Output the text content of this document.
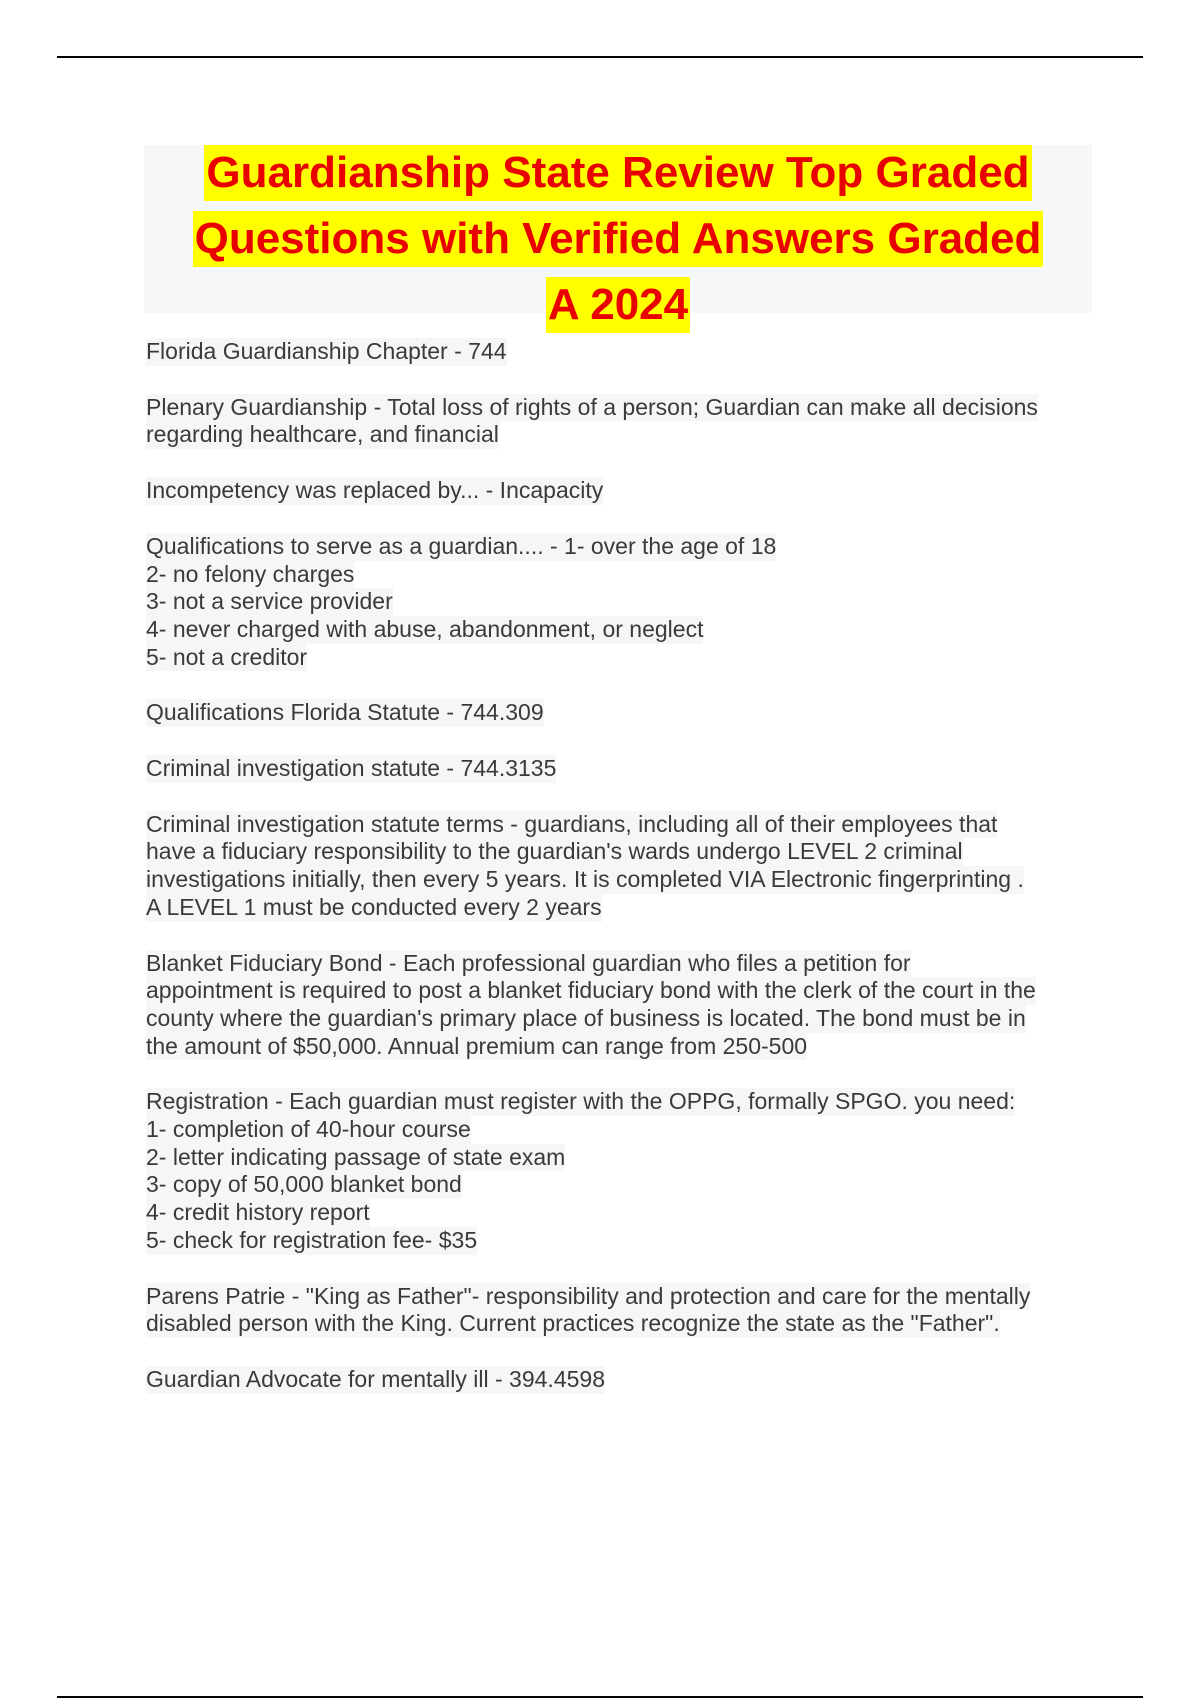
Guardianship State Review Top Graded
Questions with Verified Answers Graded
A 2024
Florida Guardianship Chapter - 744
Plenary Guardianship - Total loss of rights of a person; Guardian can make all decisions
regarding healthcare, and financial
Incompetency was replaced by... - Incapacity
Qualifications to serve as a guardian.... - 1- over the age of 18
2- no felony charges
3- not a service provider
4- never charged with abuse, abandonment, or neglect
5- not a creditor
Qualifications Florida Statute - 744.309
Criminal investigation statute - 744.3135
Criminal investigation statute terms - guardians, including all of their employees that
have a fiduciary responsibility to the guardian's wards undergo LEVEL 2 criminal
investigations initially, then every 5 years. It is completed VIA Electronic fingerprinting .
A LEVEL 1 must be conducted every 2 years
Blanket Fiduciary Bond - Each professional guardian who files a petition for
appointment is required to post a blanket fiduciary bond with the clerk of the court in the
county where the guardian's primary place of business is located. The bond must be in
the amount of $50,000. Annual premium can range from 250-500
Registration - Each guardian must register with the OPPG, formally SPGO. you need:
1- completion of 40-hour course
2- letter indicating passage of state exam
3- copy of 50,000 blanket bond
4- credit history report
5- check for registration fee- $35
Parens Patrie - "King as Father"- responsibility and protection and care for the mentally
disabled person with the King. Current practices recognize the state as the "Father".
Guardian Advocate for mentally ill - 394.4598
